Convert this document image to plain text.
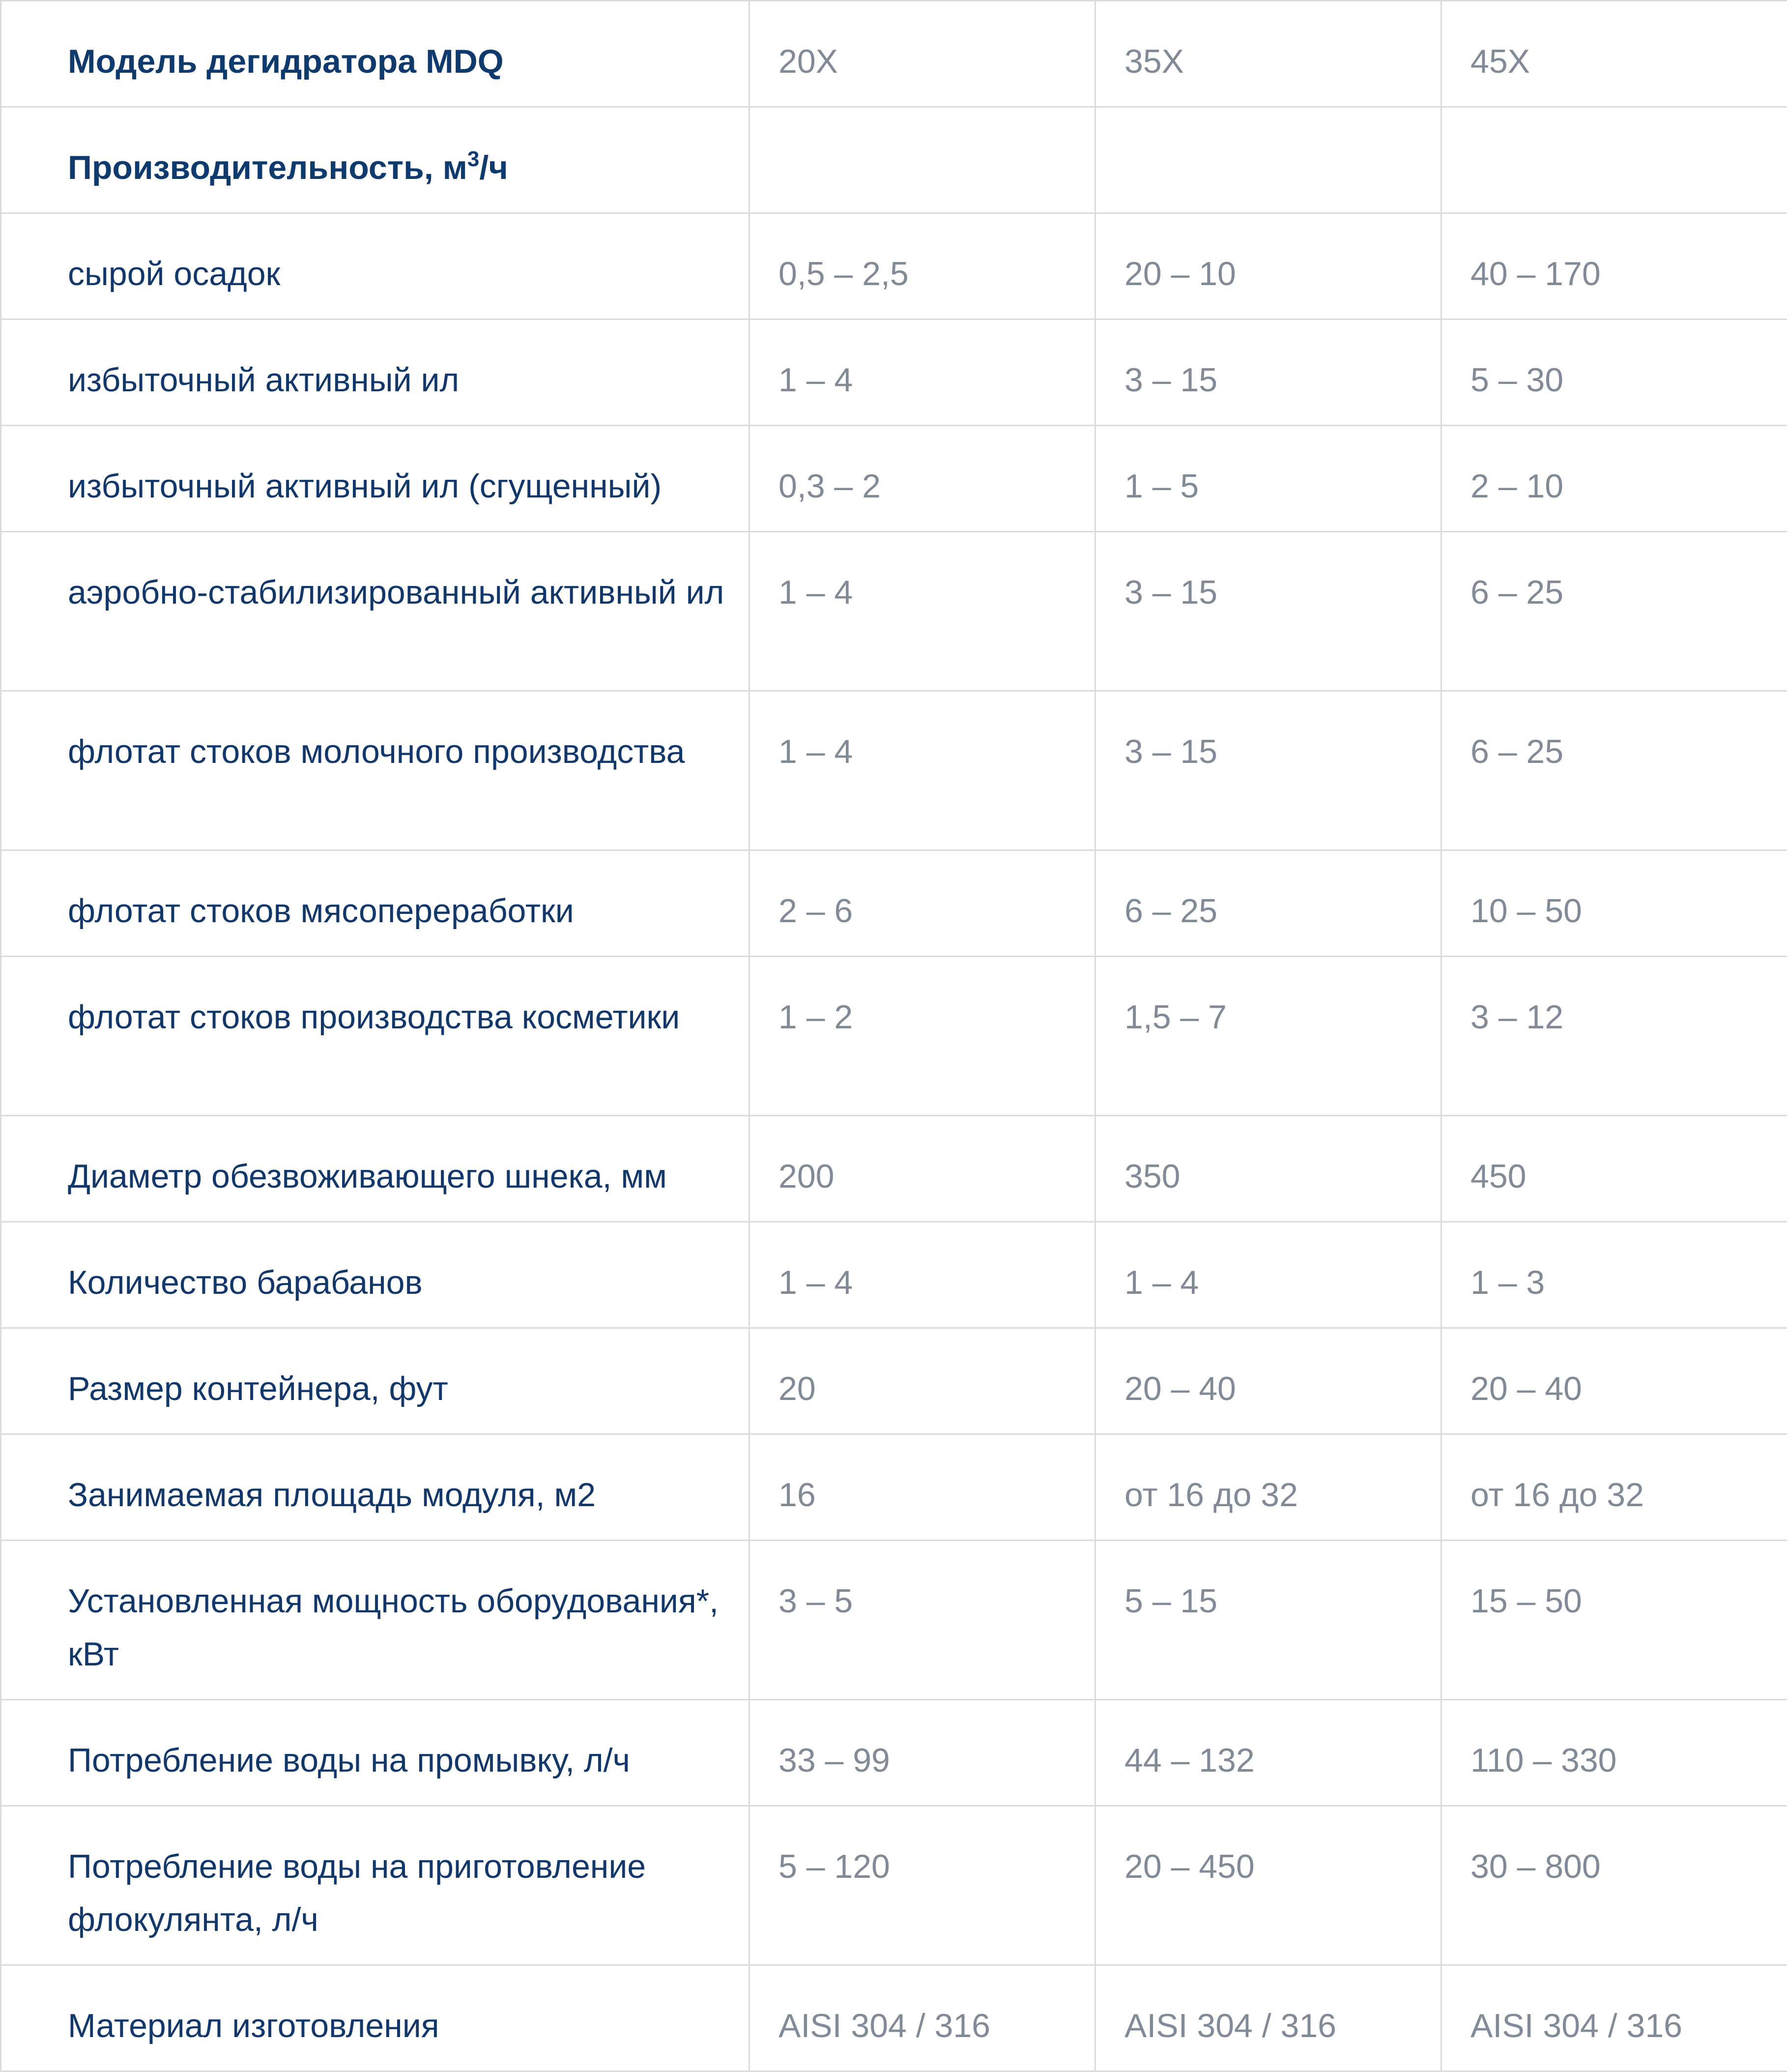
Модель дегидратора MDQ	20X	35X	45X

Производительность, $м^3/ч$			

сырой осадок	0,5 – 2,5	20 – 10	40 – 170

избыточный активный ил	1 – 4	3 – 15	5 – 30

избыточный активный ил (сгущенный)	0,3 – 2	1 – 5	2 – 10

аэробно-стабилизированный активный ил	1 – 4	3 – 15	6 – 25

флотат стоков молочного производства	1 – 4	3 – 15	6 – 25

флотат стоков мясопереработки	2 – 6	6 – 25	10 – 50

флотат стоков производства косметики	1 – 2	1,5 – 7	3 – 12

Диаметр обезвоживающего шнека, мм	200	350	450

Количество барабанов	1 – 4	1 – 4	1 – 3

Размер контейнера, фут	20	20 – 40	20 – 40

Занимаемая площадь модуля, м2	16	от 16 до 32	от 16 до 32

Установленная мощность оборудования*, кВт	3 – 5	5 – 15	15 – 50

Потребление воды на промывку, л/ч	33 – 99	44 – 132	110 – 330

Потребление воды на приготовление флокулянта, л/ч	5 – 120	20 – 450	30 – 800

Материал изготовления	AISI 304 / 316	AISI 304 / 316	AISI 304 / 316
